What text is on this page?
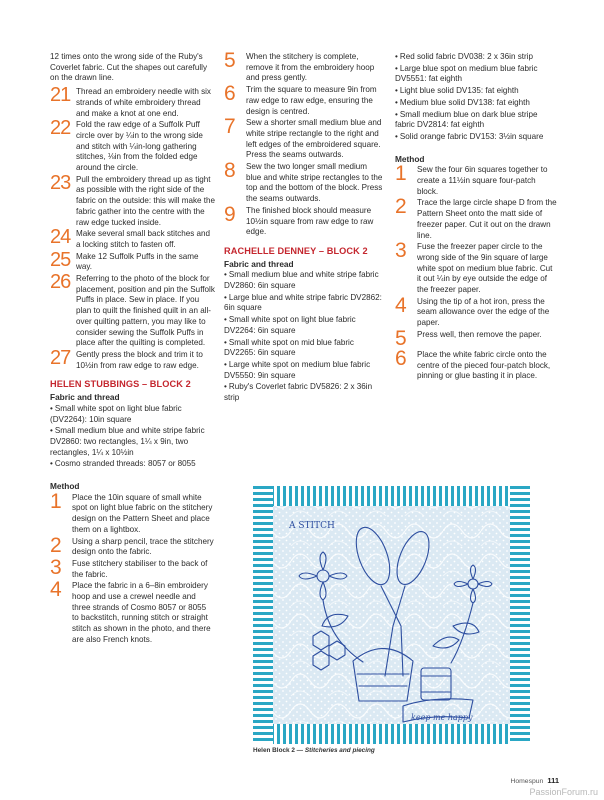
12 times onto the wrong side of the Ruby's Coverlet fabric. Cut the shapes out carefully on the drawn line.

21 Thread an embroidery needle with six strands of white embroidery thread and make a knot at one end.
22 Fold the raw edge of a Suffolk Puff circle over by ¼in to the wrong side and stitch with ¼in-long gathering stitches, ⅛in from the folded edge around the circle.
23 Pull the embroidery thread up as tight as possible with the right side of the fabric on the outside: this will make the fabric gather into the centre with the raw edge tucked inside.
24 Make several small back stitches and a locking stitch to fasten off.
25 Make 12 Suffolk Puffs in the same way.
26 Referring to the photo of the block for placement, position and pin the Suffolk Puffs in place. Sew in place. If you plan to quilt the finished quilt in an all-over quilting pattern, you may like to consider sewing the Suffolk Puffs in place after the quilting is completed.
27 Gently press the block and trim it to 10½in from raw edge to raw edge.
HELEN STUBBINGS – BLOCK 2
Fabric and thread
• Small white spot on light blue fabric (DV2264): 10in square
• Small medium blue and white stripe fabric DV2860: two rectangles, 1¼ x 9in, two rectangles, 1¼ x 10½in
• Cosmo stranded threads: 8057 or 8055
Method
1 Place the 10in square of small white spot on light blue fabric on the stitchery design on the Pattern Sheet and place them on a lightbox.
2 Using a sharp pencil, trace the stitchery design onto the fabric.
3 Fuse stitchery stabiliser to the back of the fabric.
4 Place the fabric in a 6–8in embroidery hoop and use a crewel needle and three strands of Cosmo 8057 or 8055 to backstitch, running stitch or straight stitch as shown in the photo, and there are also French knots.
5 When the stitchery is complete, remove it from the embroidery hoop and press gently.
6 Trim the square to measure 9in from raw edge to raw edge, ensuring the design is centred.
7 Sew a shorter small medium blue and white stripe rectangle to the right and left edges of the embroidered square. Press the seams outwards.
8 Sew the two longer small medium blue and white stripe rectangles to the top and the bottom of the block. Press the seams outwards.
9 The finished block should measure 10½in square from raw edge to raw edge.
RACHELLE DENNEY – BLOCK 2
Fabric and thread
• Small medium blue and white stripe fabric DV2860: 6in square
• Large blue and white stripe fabric DV2862: 6in square
• Small white spot on light blue fabric DV2264: 6in square
• Small white spot on mid blue fabric DV2265: 6in square
• Large white spot on medium blue fabric DV5550: 9in square
• Ruby's Coverlet fabric DV5826: 2 x 36in strip
• Red solid fabric DV038: 2 x 36in strip
• Large blue spot on medium blue fabric DV5551: fat eighth
• Light blue solid DV135: fat eighth
• Medium blue solid DV138: fat eighth
• Small medium blue on dark blue stripe fabric DV2814: fat eighth
• Solid orange fabric DV153: 3½in square
Method
1 Sew the four 6in squares together to create a 11½in square four-patch block.
2 Trace the large circle shape D from the Pattern Sheet onto the matt side of freezer paper. Cut it out on the drawn line.
3 Fuse the freezer paper circle to the wrong side of the 9in square of large white spot on medium blue fabric. Cut it out ¼in by eye outside the edge of the freezer paper.
4 Using the tip of a hot iron, press the seam allowance over the edge of the paper.
5 Press well, then remove the paper.
6 Place the white fabric circle onto the centre of the pieced four-patch block, pinning or glue basting it in place.
A STITCH
keep me happy
Helen Block 2 — Stitcheries and piecing
Homespun 111
PassionForum.ru
